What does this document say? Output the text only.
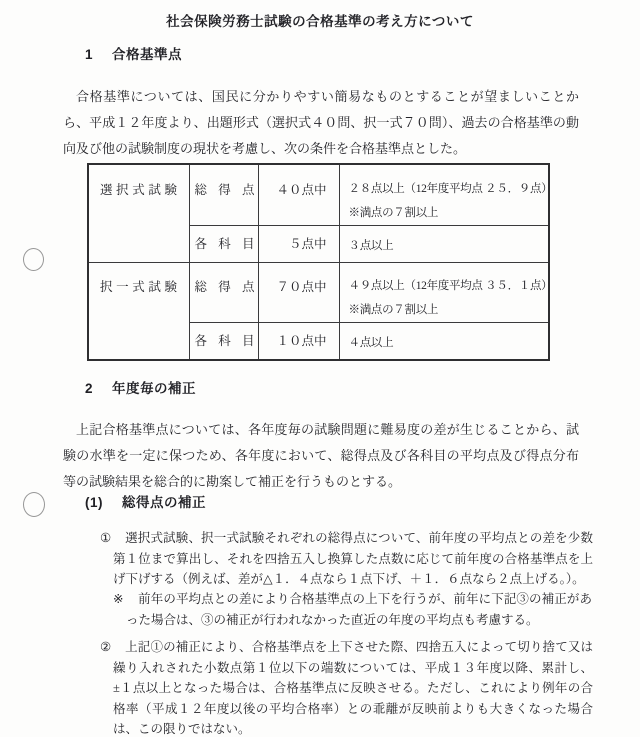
社会保険労務士試験の合格基準の考え方について
1 合格基準点
合格基準については、国民に分かりやすい簡易なものとすることが望ましいことから、平成１２年度より、出題形式（選択式４０問、択一式７０問）、過去の合格基準の動向及び他の試験制度の現状を考慮し、次の条件を合格基準点とした。
選択式試験	総得点	４０点中	２８点以上（12年度平均点 ２５．９点）
※満点の７割以上

	各科目	５点中	３点以上

択一式試験	総得点	７０点中	４９点以上（12年度平均点 ３５．１点）
※満点の７割以上

	各科目	１０点中	４点以上
2 年度毎の補正
上記合格基準点については、各年度毎の試験問題に難易度の差が生じることから、試験の水準を一定に保つため、各年度において、総得点及び各科目の平均点及び得点分布等の試験結果を総合的に勘案して補正を行うものとする。
(1) 総得点の補正
① 選択式試験、択一式試験それぞれの総得点について、前年度の平均点との差を少数第１位まで算出し、それを四捨五入し換算した点数に応じて前年度の合格基準点を上げ下げする（例えば、差が△１．４点なら１点下げ、＋１．６点なら２点上げる。）。
※ 前年の平均点との差により合格基準点の上下を行うが、前年に下記③の補正があった場合は、③の補正が行われなかった直近の年度の平均点も考慮する。
② 上記①の補正により、合格基準点を上下させた際、四捨五入によって切り捨て又は繰り入れされた小数点第１位以下の端数については、平成１３年度以降、累計し、±１点以上となった場合は、合格基準点に反映させる。ただし、これにより例年の合格率（平成１２年度以後の平均合格率）との乖離が反映前よりも大きくなった場合は、この限りではない。
